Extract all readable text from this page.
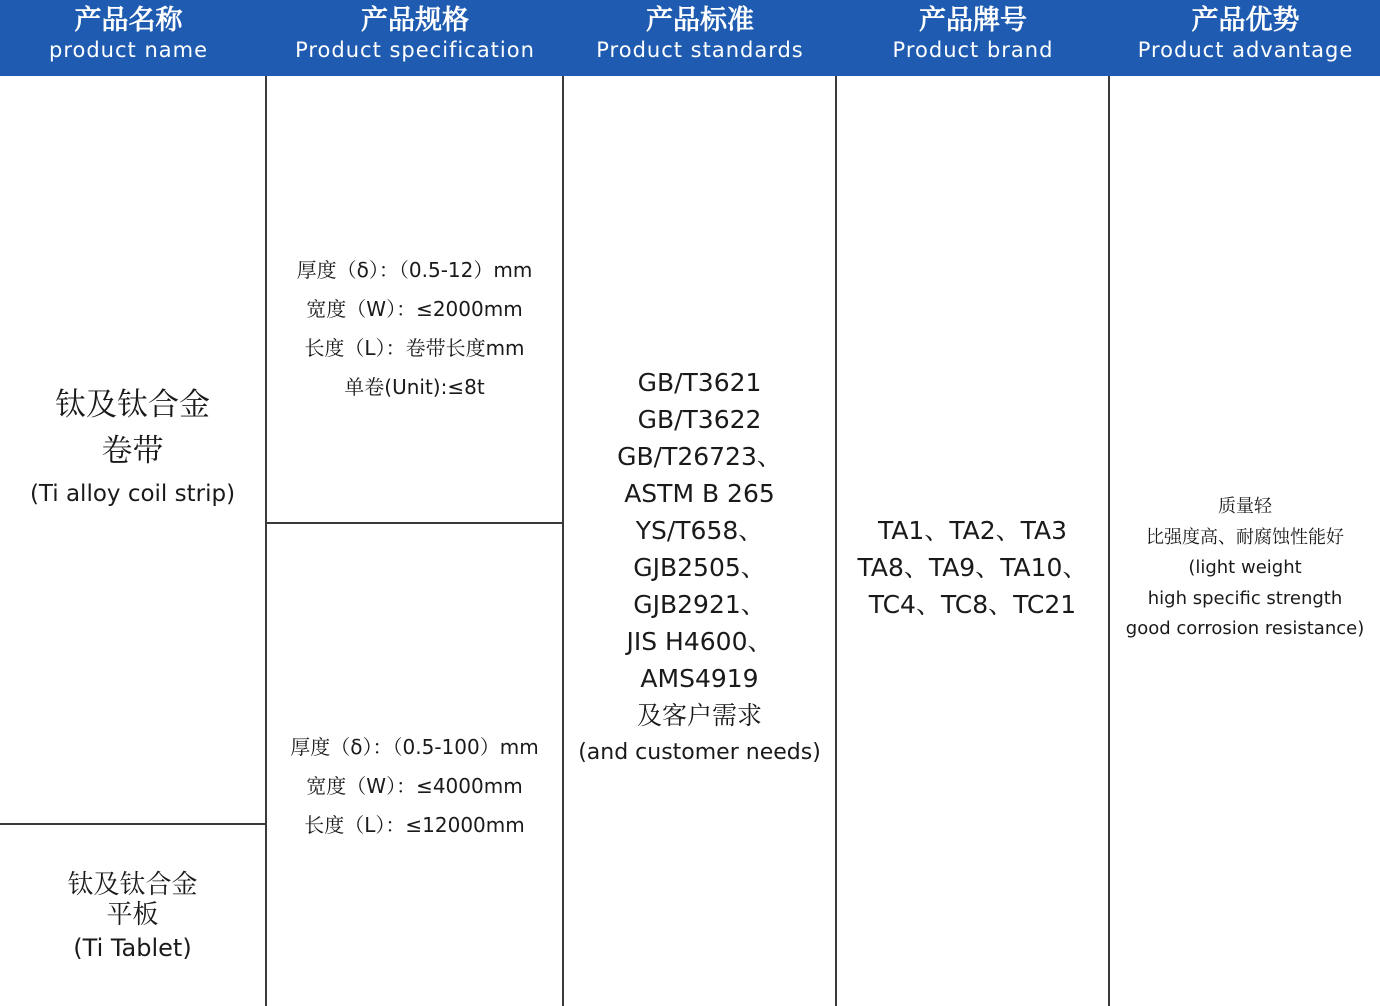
产品名称
product name
产品规格
Product specification
产品标准
Product standards
产品牌号
Product brand
产品优势
Product advantage
钛及钛合金
卷带
(Ti alloy coil strip)
钛及钛合金
平板
(Ti Tablet)
厚度（δ）：（0.5-12）mm
宽度（W）：≤2000mm
长度（L）：卷带长度mm
单卷(Unit):≤8t
厚度（δ）：（0.5-100）mm
宽度（W）：≤4000mm
长度（L）：≤12000mm
GB/T3621
GB/T3622
GB/T26723、
ASTM B 265
YS/T658、
GJB2505、
GJB2921、
JIS H4600、
AMS4919
及客户需求
(and customer needs)
TA1、TA2、TA3
TA8、TA9、TA10、
TC4、TC8、TC21
质量轻
比强度高、耐腐蚀性能好
(light weight
high specific strength
good corrosion resistance)
